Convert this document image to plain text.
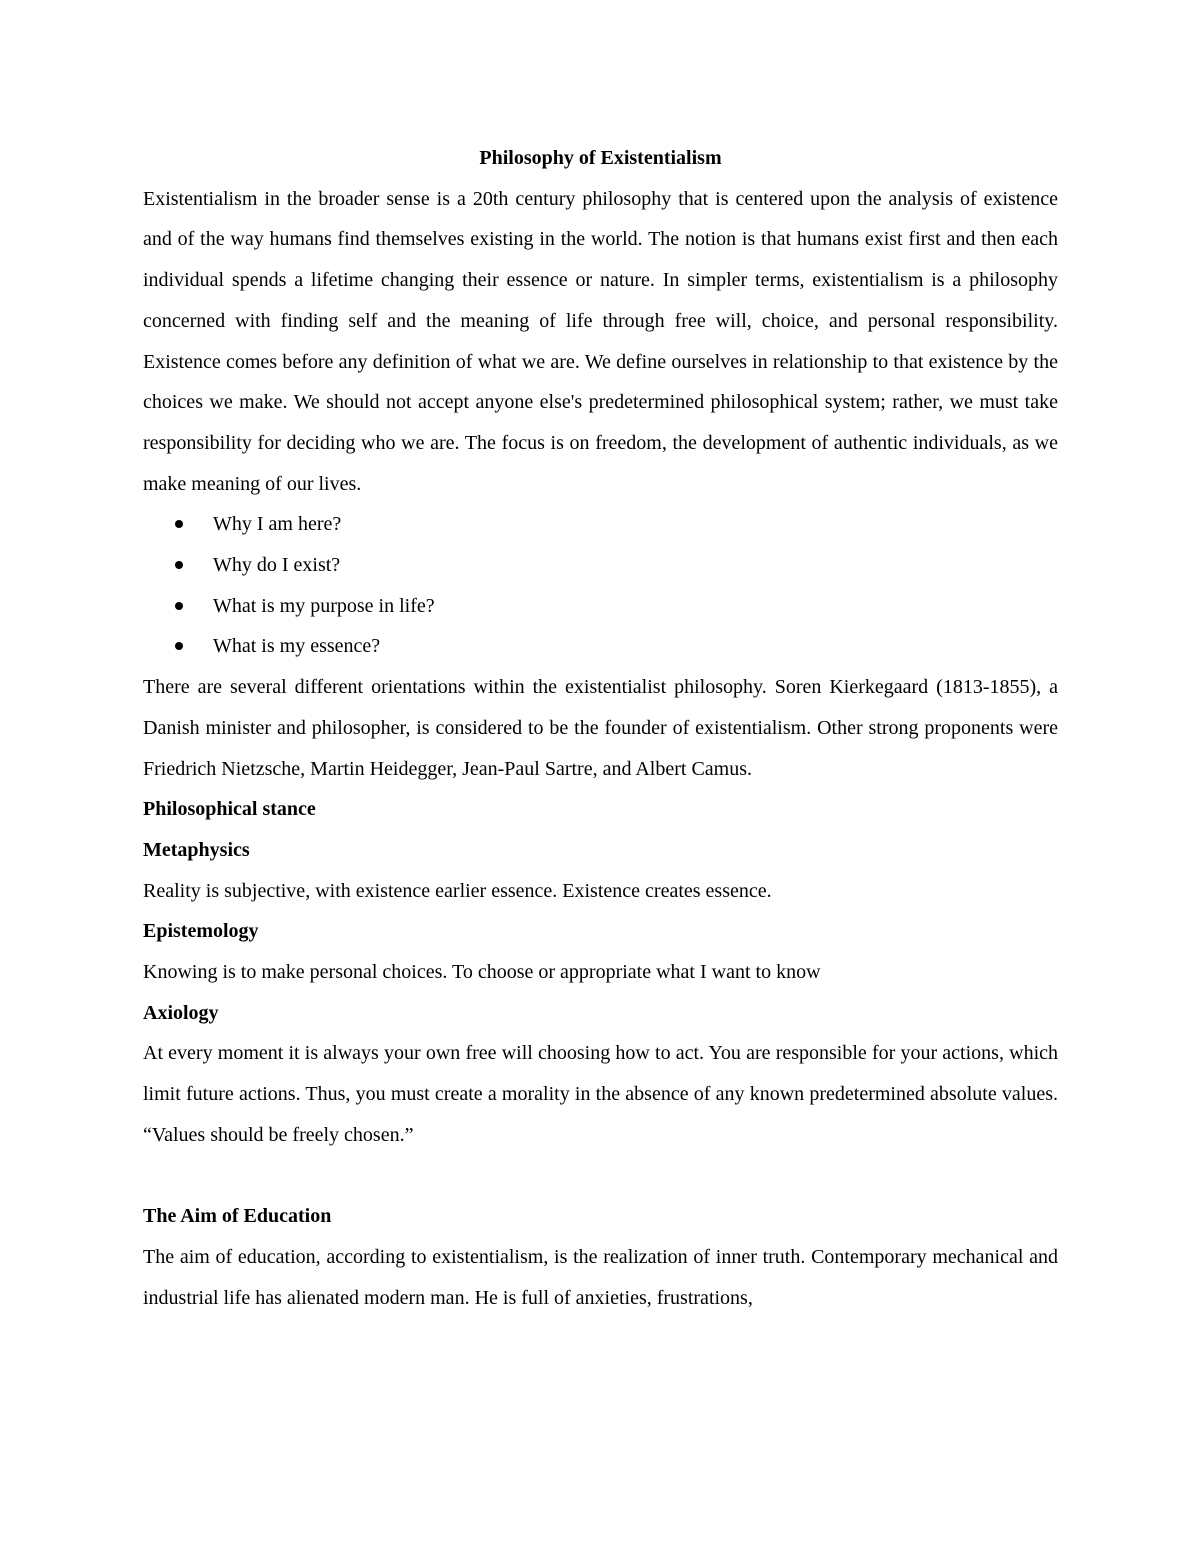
Philosophy of Existentialism

Existentialism in the broader sense is a 20th century philosophy that is centered upon the analysis of existence and of the way humans find themselves existing in the world. The notion is that humans exist first and then each individual spends a lifetime changing their essence or nature. In simpler terms, existentialism is a philosophy concerned with finding self and the meaning of life through free will, choice, and personal responsibility. Existence comes before any definition of what we are. We define ourselves in relationship to that existence by the choices we make. We should not accept anyone else's predetermined philosophical system; rather, we must take responsibility for deciding who we are. The focus is on freedom, the development of authentic individuals, as we make meaning of our lives.

Why I am here?
Why do I exist?
What is my purpose in life?
What is my essence?

There are several different orientations within the existentialist philosophy. Soren Kierkegaard (1813-1855), a Danish minister and philosopher, is considered to be the founder of existentialism. Other strong proponents were Friedrich Nietzsche, Martin Heidegger, Jean-Paul Sartre, and Albert Camus.

Philosophical stance

Metaphysics

Reality is subjective, with existence earlier essence. Existence creates essence.

Epistemology

Knowing is to make personal choices. To choose or appropriate what I want to know

Axiology

At every moment it is always your own free will choosing how to act. You are responsible for your actions, which limit future actions. Thus, you must create a morality in the absence of any known predetermined absolute values. “Values should be freely chosen.”

The Aim of Education

The aim of education, according to existentialism, is the realization of inner truth. Contemporary mechanical and industrial life has alienated modern man. He is full of anxieties, frustrations,
